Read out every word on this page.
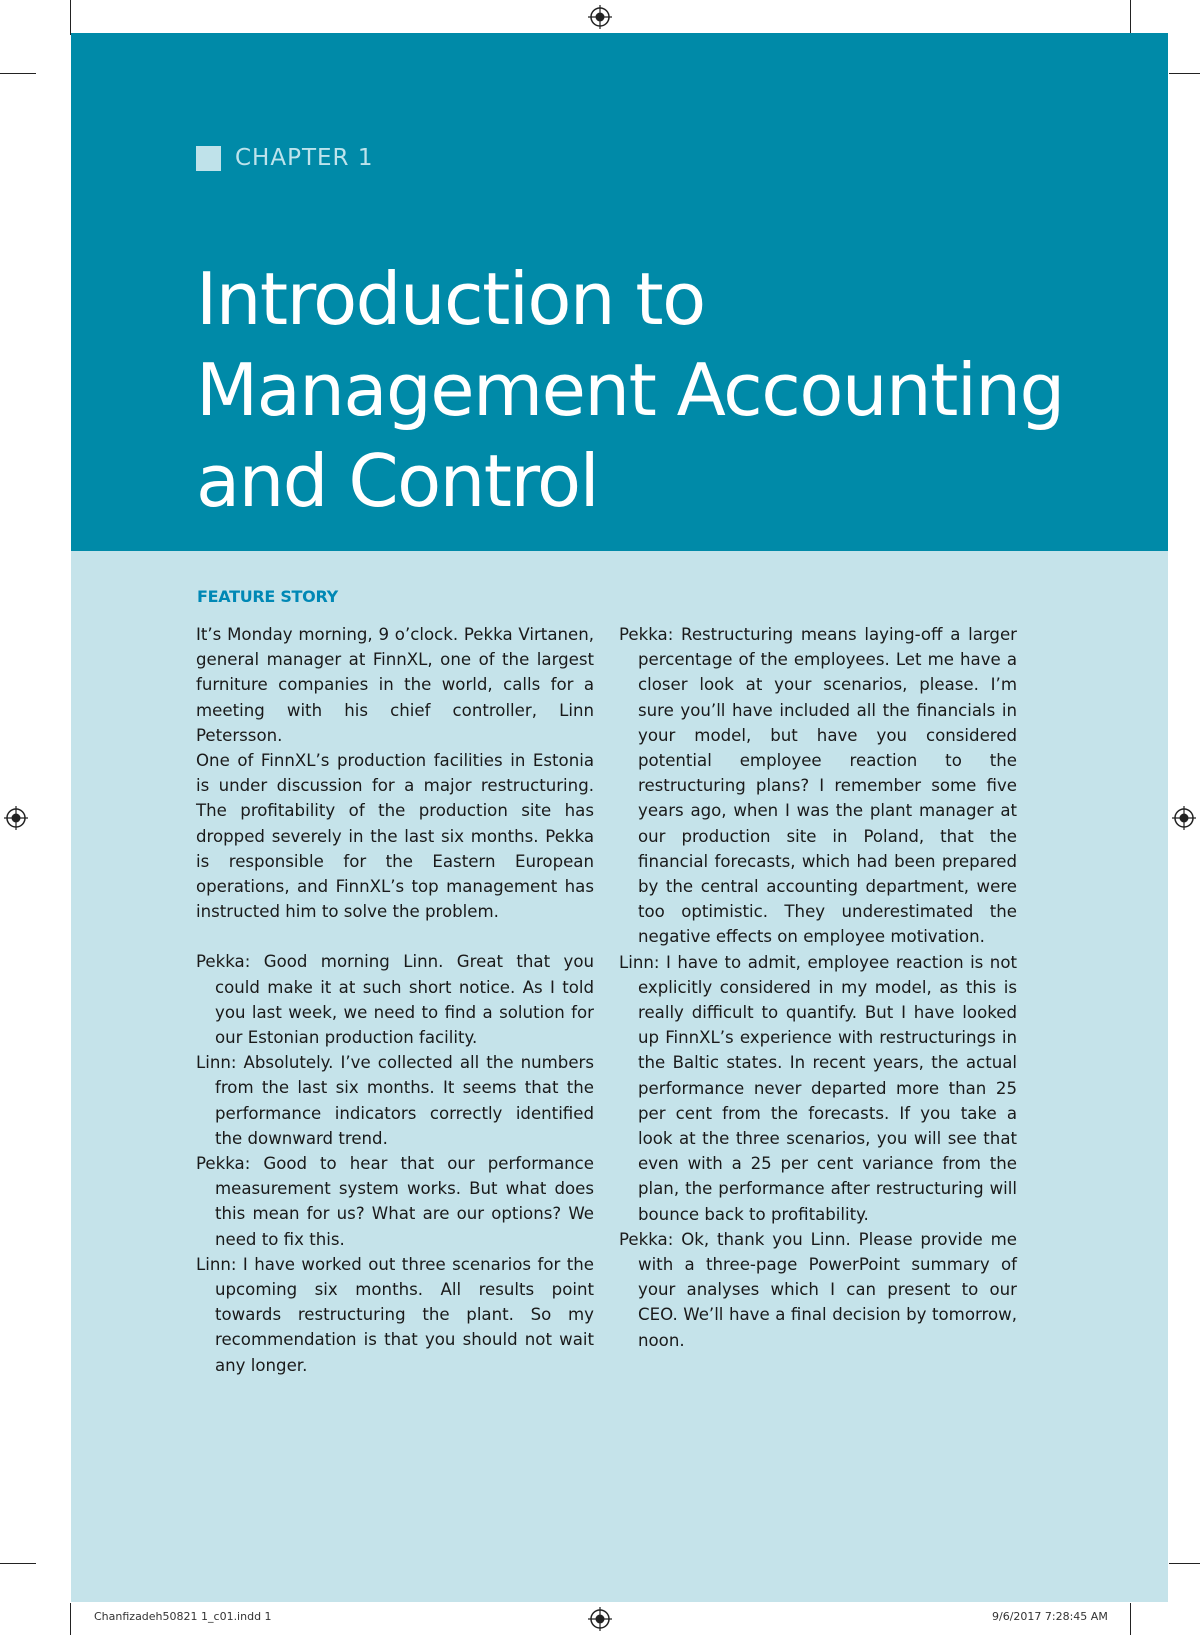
CHAPTER 1
Introduction to
Management Accounting
and Control
FEATURE STORY

It’s Monday morning, 9 o’clock. Pekka Virtanen, general manager at FinnXL, one of the largest furniture companies in the world, calls for a meeting with his chief controller, Linn Petersson.

One of FinnXL’s production facilities in Estonia is under discussion for a major restructuring. The profitability of the production site has dropped severely in the last six months. Pekka is responsible for the Eastern European operations, and FinnXL’s top management has instructed him to solve the problem.

Pekka: Good morning Linn. Great that you could make it at such short notice. As I told you last week, we need to find a solution for our Estonian production facility.

Linn: Absolutely. I’ve collected all the numbers from the last six months. It seems that the performance indicators correctly identified the downward trend.

Pekka: Good to hear that our performance measurement system works. But what does this mean for us? What are our options? We need to fix this.

Linn: I have worked out three scenarios for the upcoming six months. All results point towards restructuring the plant. So my recommendation is that you should not wait any longer.

Pekka: Restructuring means laying-off a larger percentage of the employees. Let me have a closer look at your scenarios, please. I’m sure you’ll have included all the financials in your model, but have you considered potential employee reaction to the restructuring plans? I remember some five years ago, when I was the plant manager at our production site in Poland, that the financial forecasts, which had been prepared by the central accounting department, were too optimistic. They underestimated the negative effects on employee motivation.

Linn: I have to admit, employee reaction is not explicitly considered in my model, as this is really difficult to quantify. But I have looked up FinnXL’s experience with restructurings in the Baltic states. In recent years, the actual performance never departed more than 25 per cent from the forecasts. If you take a look at the three scenarios, you will see that even with a 25 per cent variance from the plan, the performance after restructuring will bounce back to profitability.

Pekka: Ok, thank you Linn. Please provide me with a three-page PowerPoint summary of your analyses which I can present to our CEO. We’ll have a final decision by tomorrow, noon.

Chanfizadeh50821 1_c01.indd 1	9/6/2017 7:28:45 AM
